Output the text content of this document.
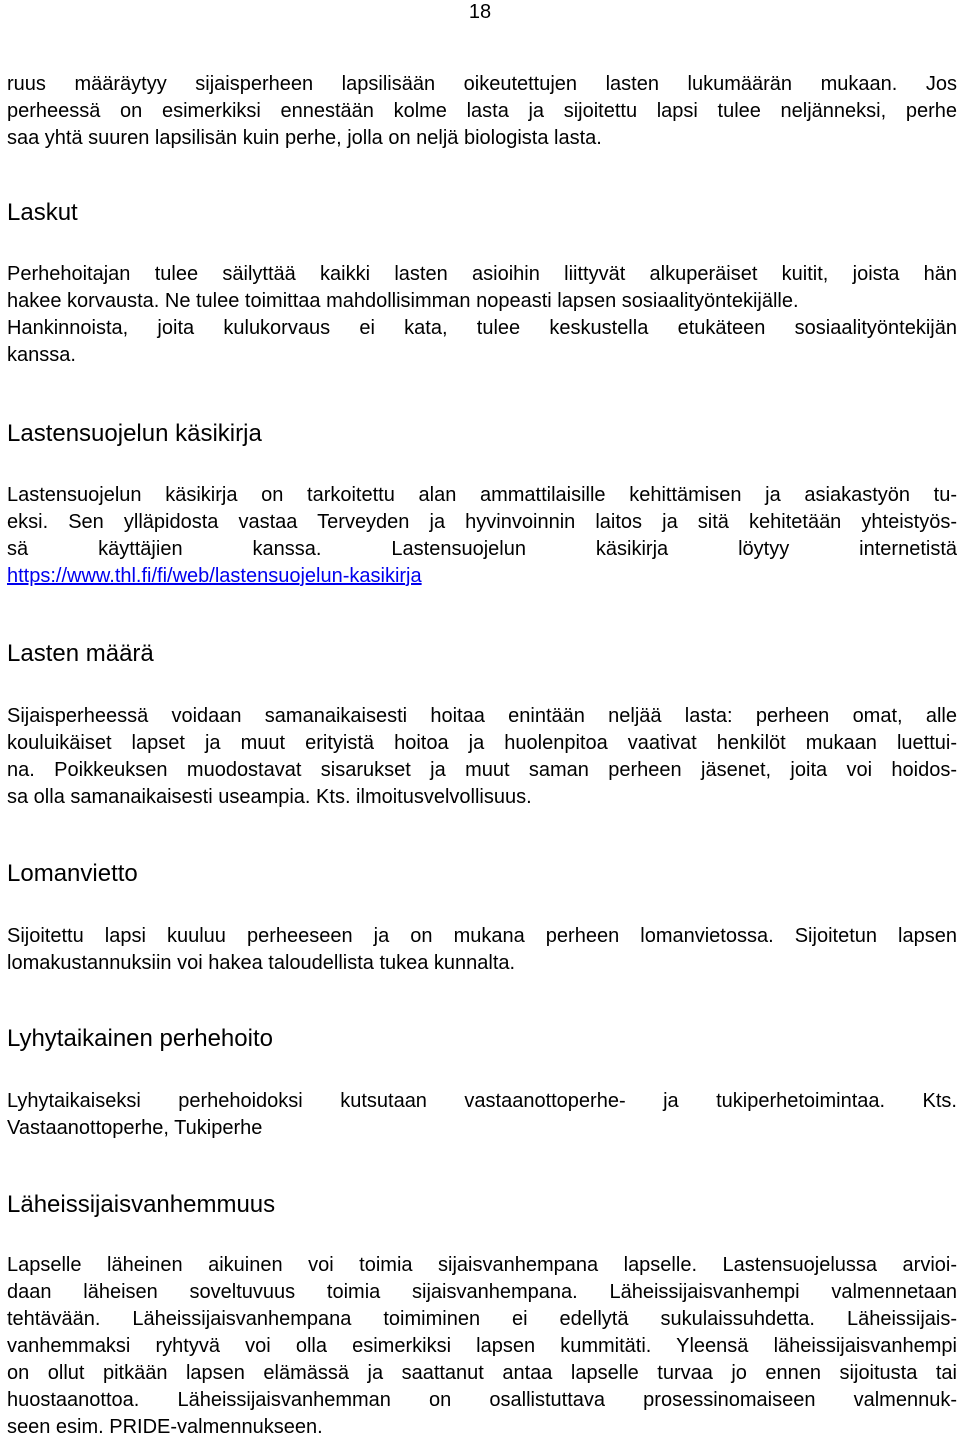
18
ruus määräytyy sijaisperheen lapsilisään oikeutettujen lasten lukumäärän mukaan. Jos
perheessä on esimerkiksi ennestään kolme lasta ja sijoitettu lapsi tulee neljänneksi, perhe
saa yhtä suuren lapsilisän kuin perhe, jolla on neljä biologista lasta.
Laskut
Perhehoitajan tulee säilyttää kaikki lasten asioihin liittyvät alkuperäiset kuitit, joista hän
hakee korvausta. Ne tulee toimittaa mahdollisimman nopeasti lapsen sosiaalityöntekijälle.
Hankinnoista, joita kulukorvaus ei kata, tulee keskustella etukäteen sosiaalityöntekijän
kanssa.
Lastensuojelun käsikirja
Lastensuojelun käsikirja on tarkoitettu alan ammattilaisille kehittämisen ja asiakastyön tu-
eksi. Sen ylläpidosta vastaa Terveyden ja hyvinvoinnin laitos ja sitä kehitetään yhteistyös-
sä käyttäjien kanssa. Lastensuojelun käsikirja löytyy internetistä
https://www.thl.fi/fi/web/lastensuojelun-kasikirja
Lasten määrä
Sijaisperheessä voidaan samanaikaisesti hoitaa enintään neljää lasta: perheen omat, alle
kouluikäiset lapset ja muut erityistä hoitoa ja huolenpitoa vaativat henkilöt mukaan luettui-
na. Poikkeuksen muodostavat sisarukset ja muut saman perheen jäsenet, joita voi hoidos-
sa olla samanaikaisesti useampia. Kts. ilmoitusvelvollisuus.
Lomanvietto
Sijoitettu lapsi kuuluu perheeseen ja on mukana perheen lomanvietossa. Sijoitetun lapsen
lomakustannuksiin voi hakea taloudellista tukea kunnalta.
Lyhytaikainen perhehoito
Lyhytaikaiseksi perhehoidoksi kutsutaan vastaanottoperhe- ja tukiperhetoimintaa. Kts.
Vastaanottoperhe, Tukiperhe
Läheissijaisvanhemmuus
Lapselle läheinen aikuinen voi toimia sijaisvanhempana lapselle. Lastensuojelussa arvioi-
daan läheisen soveltuvuus toimia sijaisvanhempana. Läheissijaisvanhempi valmennetaan
tehtävään. Läheissijaisvanhempana toimiminen ei edellytä sukulaissuhdetta. Läheissijais-
vanhemmaksi ryhtyvä voi olla esimerkiksi lapsen kummitäti. Yleensä läheissijaisvanhempi
on ollut pitkään lapsen elämässä ja saattanut antaa lapselle turvaa jo ennen sijoitusta tai
huostaanottoa. Läheissijaisvanhemman on osallistuttava prosessinomaiseen valmennuk-
seen esim. PRIDE-valmennukseen.
